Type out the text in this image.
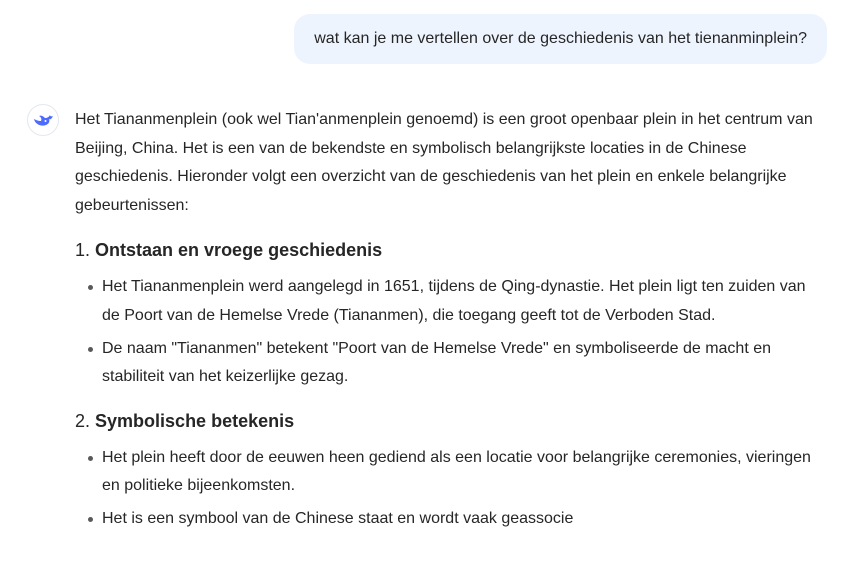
wat kan je me vertellen over de geschiedenis van het tienanminplein?

Het Tiananmenplein (ook wel Tian'anmenplein genoemd) is een groot openbaar plein in het centrum van Beijing, China. Het is een van de bekendste en symbolisch belangrijkste locaties in de Chinese geschiedenis. Hieronder volgt een overzicht van de geschiedenis van het plein en enkele belangrijke gebeurtenissen:

1. Ontstaan en vroege geschiedenis
Het Tiananmenplein werd aangelegd in 1651, tijdens de Qing-dynastie. Het plein ligt ten zuiden van de Poort van de Hemelse Vrede (Tiananmen), die toegang geeft tot de Verboden Stad.
De naam "Tiananmen" betekent "Poort van de Hemelse Vrede" en symboliseerde de macht en stabiliteit van het keizerlijke gezag.
2. Symbolische betekenis
Het plein heeft door de eeuwen heen gediend als een locatie voor belangrijke ceremonies, vieringen en politieke bijeenkomsten.
Het is een symbool van de Chinese staat en wordt vaak geassocie
